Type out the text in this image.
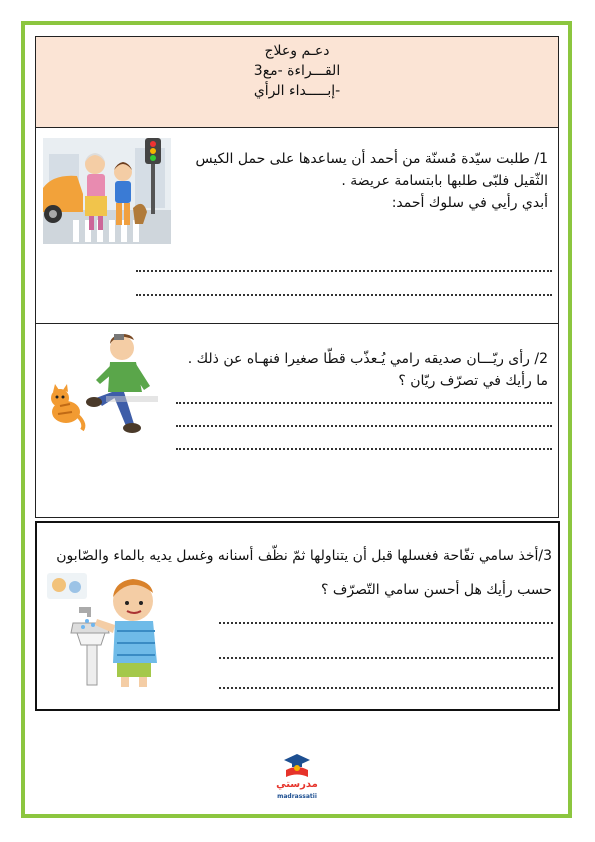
دعـم وعلاج
القـــراءة -مع3
-إبـــــداء الرأي
1/ طلبت سيّدة مُسنّة من أحمد أن يساعدها على حمل الكيس
الثّقيل فلبّى طلبها بابتسامة عريضة .
أبدي رأيي في سلوك أحمد:
2/ رأى ريّـــان صديقه رامي يُـعذّب قطّا صغيرا فنهـاه عن ذلك .
ما رأيك في تصرّف ريّان ؟
3/أخذ سامي تفّاحة فغسلها قبل أن يتناولها ثمّ نظّف أسنانه وغسل يديه بالماء والصّابون
حسب رأيك هل أحسن سامي التّصرّف ؟
مدرستي
madrassatii
